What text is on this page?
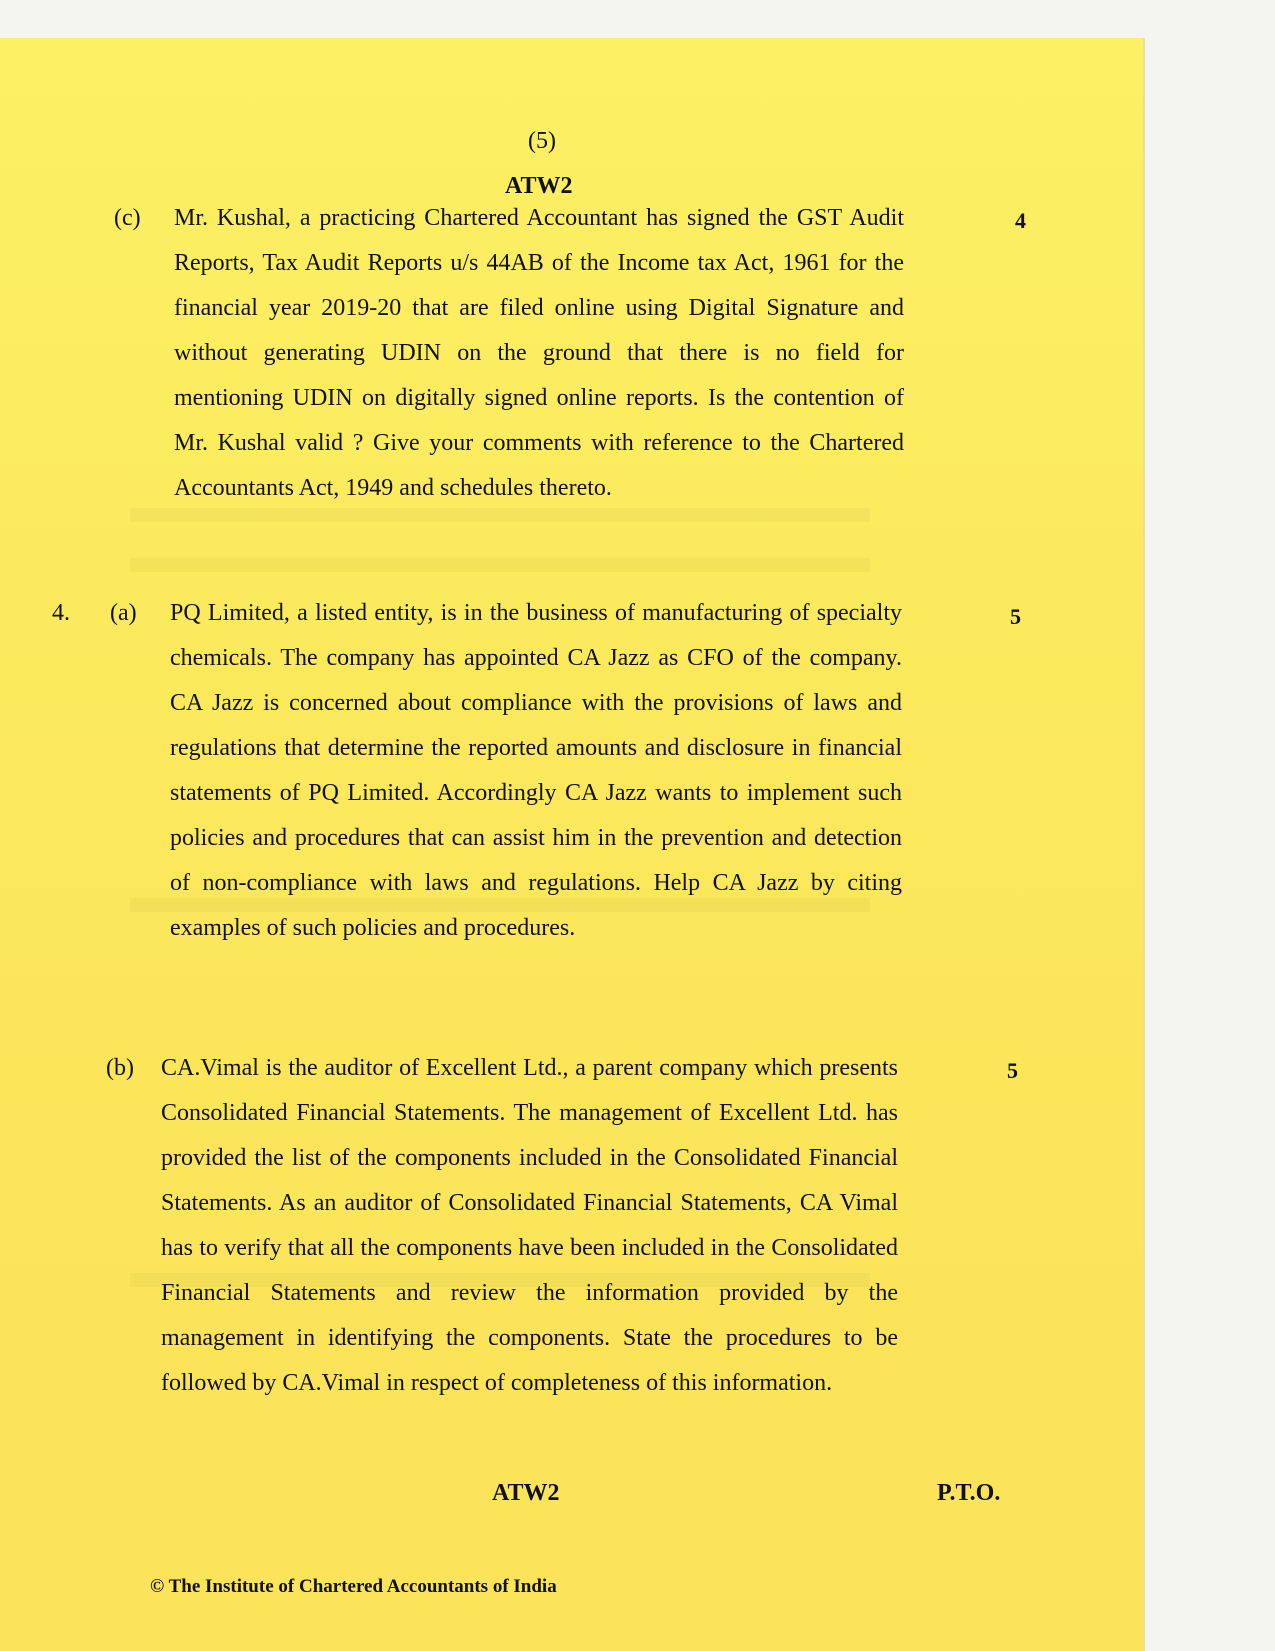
(5)
ATW2
(c) Mr. Kushal, a practicing Chartered Accountant has signed the GST Audit Reports, Tax Audit Reports u/s 44AB of the Income tax Act, 1961 for the financial year 2019-20 that are filed online using Digital Signature and without generating UDIN on the ground that there is no field for mentioning UDIN on digitally signed online reports. Is the contention of Mr. Kushal valid ? Give your comments with reference to the Chartered Accountants Act, 1949 and schedules thereto.

4
4. (a) PQ Limited, a listed entity, is in the business of manufacturing of specialty chemicals. The company has appointed CA Jazz as CFO of the company. CA Jazz is concerned about compliance with the provisions of laws and regulations that determine the reported amounts and disclosure in financial statements of PQ Limited. Accordingly CA Jazz wants to implement such policies and procedures that can assist him in the prevention and detection of non-compliance with laws and regulations. Help CA Jazz by citing examples of such policies and procedures.

5
(b) CA.Vimal is the auditor of Excellent Ltd., a parent company which presents Consolidated Financial Statements. The management of Excellent Ltd. has provided the list of the components included in the Consolidated Financial Statements. As an auditor of Consolidated Financial Statements, CA Vimal has to verify that all the components have been included in the Consolidated Financial Statements and review the information provided by the management in identifying the components. State the procedures to be followed by CA.Vimal in respect of completeness of this information.

5
ATW2	P.T.O.
© The Institute of Chartered Accountants of India
